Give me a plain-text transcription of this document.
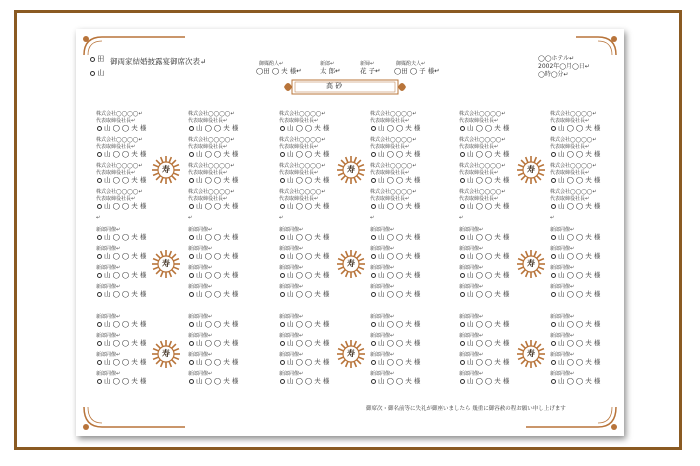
田
山
御両家結婚披露宴御席次表↵	御媒酌人↵	新郎↵	新婦↵	御媒酌夫人↵
◯田 ◯ 夫 様↵	太 郎↵	花 子↵ ◯田 ◯ 子 様↵
高 砂
◯◯ホテル↵
2002年◯月◯日↵
◯時◯分↵
株式会社◯◯◯◯↵
代表取締役社長↵
山 ◯ ◯ 夫 様
株式会社◯◯◯◯↵
代表取締役社長↵
山 ◯ ◯ 夫 様
株式会社◯◯◯◯↵
代表取締役社長↵
山 ◯ ◯ 夫 様
株式会社◯◯◯◯↵
代表取締役社長↵
山 ◯ ◯ 夫 様
↵
株式会社◯◯◯◯↵
代表取締役社長↵
山 ◯ ◯ 夫 様
株式会社◯◯◯◯↵
代表取締役社長↵
山 ◯ ◯ 夫 様
株式会社◯◯◯◯↵
代表取締役社長↵
山 ◯ ◯ 夫 様
株式会社◯◯◯◯↵
代表取締役社長↵
山 ◯ ◯ 夫 様
↵
株式会社◯◯◯◯↵
代表取締役社長↵
山 ◯ ◯ 夫 様
株式会社◯◯◯◯↵
代表取締役社長↵
山 ◯ ◯ 夫 様
株式会社◯◯◯◯↵
代表取締役社長↵
山 ◯ ◯ 夫 様
株式会社◯◯◯◯↵
代表取締役社長↵
山 ◯ ◯ 夫 様
↵
株式会社◯◯◯◯↵
代表取締役社長↵
山 ◯ ◯ 夫 様
株式会社◯◯◯◯↵
代表取締役社長↵
山 ◯ ◯ 夫 様
株式会社◯◯◯◯↵
代表取締役社長↵
山 ◯ ◯ 夫 様
株式会社◯◯◯◯↵
代表取締役社長↵
山 ◯ ◯ 夫 様
↵
株式会社◯◯◯◯↵
代表取締役社長↵
山 ◯ ◯ 夫 様
株式会社◯◯◯◯↵
代表取締役社長↵
山 ◯ ◯ 夫 様
株式会社◯◯◯◯↵
代表取締役社長↵
山 ◯ ◯ 夫 様
株式会社◯◯◯◯↵
代表取締役社長↵
山 ◯ ◯ 夫 様
↵
株式会社◯◯◯◯↵
代表取締役社長↵
山 ◯ ◯ 夫 様
株式会社◯◯◯◯↵
代表取締役社長↵
山 ◯ ◯ 夫 様
株式会社◯◯◯◯↵
代表取締役社長↵
山 ◯ ◯ 夫 様
株式会社◯◯◯◯↵
代表取締役社長↵
山 ◯ ◯ 夫 様
↵
寿	寿	寿
新郎同僚↵
山 ◯ ◯ 夫 様
新郎同僚↵
山 ◯ ◯ 夫 様
新郎同僚↵
山 ◯ ◯ 夫 様
新郎同僚↵
山 ◯ ◯ 夫 様
新郎同僚↵
山 ◯ ◯ 夫 様
新郎同僚↵
山 ◯ ◯ 夫 様
新郎同僚↵
山 ◯ ◯ 夫 様
新郎同僚↵
山 ◯ ◯ 夫 様
新郎同僚↵
山 ◯ ◯ 夫 様
新郎同僚↵
山 ◯ ◯ 夫 様
新郎同僚↵
山 ◯ ◯ 夫 様
新郎同僚↵
山 ◯ ◯ 夫 様
新郎同僚↵
山 ◯ ◯ 夫 様
新郎同僚↵
山 ◯ ◯ 夫 様
新郎同僚↵
山 ◯ ◯ 夫 様
新郎同僚↵
山 ◯ ◯ 夫 様
新郎同僚↵
山 ◯ ◯ 夫 様
新郎同僚↵
山 ◯ ◯ 夫 様
新郎同僚↵
山 ◯ ◯ 夫 様
新郎同僚↵
山 ◯ ◯ 夫 様
新郎同僚↵
山 ◯ ◯ 夫 様
新郎同僚↵
山 ◯ ◯ 夫 様
新郎同僚↵
山 ◯ ◯ 夫 様
新郎同僚↵
山 ◯ ◯ 夫 様
寿	寿	寿
新郎同僚↵
山 ◯ ◯ 夫 様
新郎同僚↵
山 ◯ ◯ 夫 様
新郎同僚↵
山 ◯ ◯ 夫 様
新郎同僚↵
山 ◯ ◯ 夫 様
新郎同僚↵
山 ◯ ◯ 夫 様
新郎同僚↵
山 ◯ ◯ 夫 様
新郎同僚↵
山 ◯ ◯ 夫 様
新郎同僚↵
山 ◯ ◯ 夫 様
新郎同僚↵
山 ◯ ◯ 夫 様
新郎同僚↵
山 ◯ ◯ 夫 様
新郎同僚↵
山 ◯ ◯ 夫 様
新郎同僚↵
山 ◯ ◯ 夫 様
新郎同僚↵
山 ◯ ◯ 夫 様
新郎同僚↵
山 ◯ ◯ 夫 様
新郎同僚↵
山 ◯ ◯ 夫 様
新郎同僚↵
山 ◯ ◯ 夫 様
新郎同僚↵
山 ◯ ◯ 夫 様
新郎同僚↵
山 ◯ ◯ 夫 様
新郎同僚↵
山 ◯ ◯ 夫 様
新郎同僚↵
山 ◯ ◯ 夫 様
新郎同僚↵
山 ◯ ◯ 夫 様
新郎同僚↵
山 ◯ ◯ 夫 様
新郎同僚↵
山 ◯ ◯ 夫 様
新郎同僚↵
山 ◯ ◯ 夫 様
寿	寿	寿
御席次・御名前等に失礼が御座いましたら 幾重に御容赦の程お願い申し上げます
